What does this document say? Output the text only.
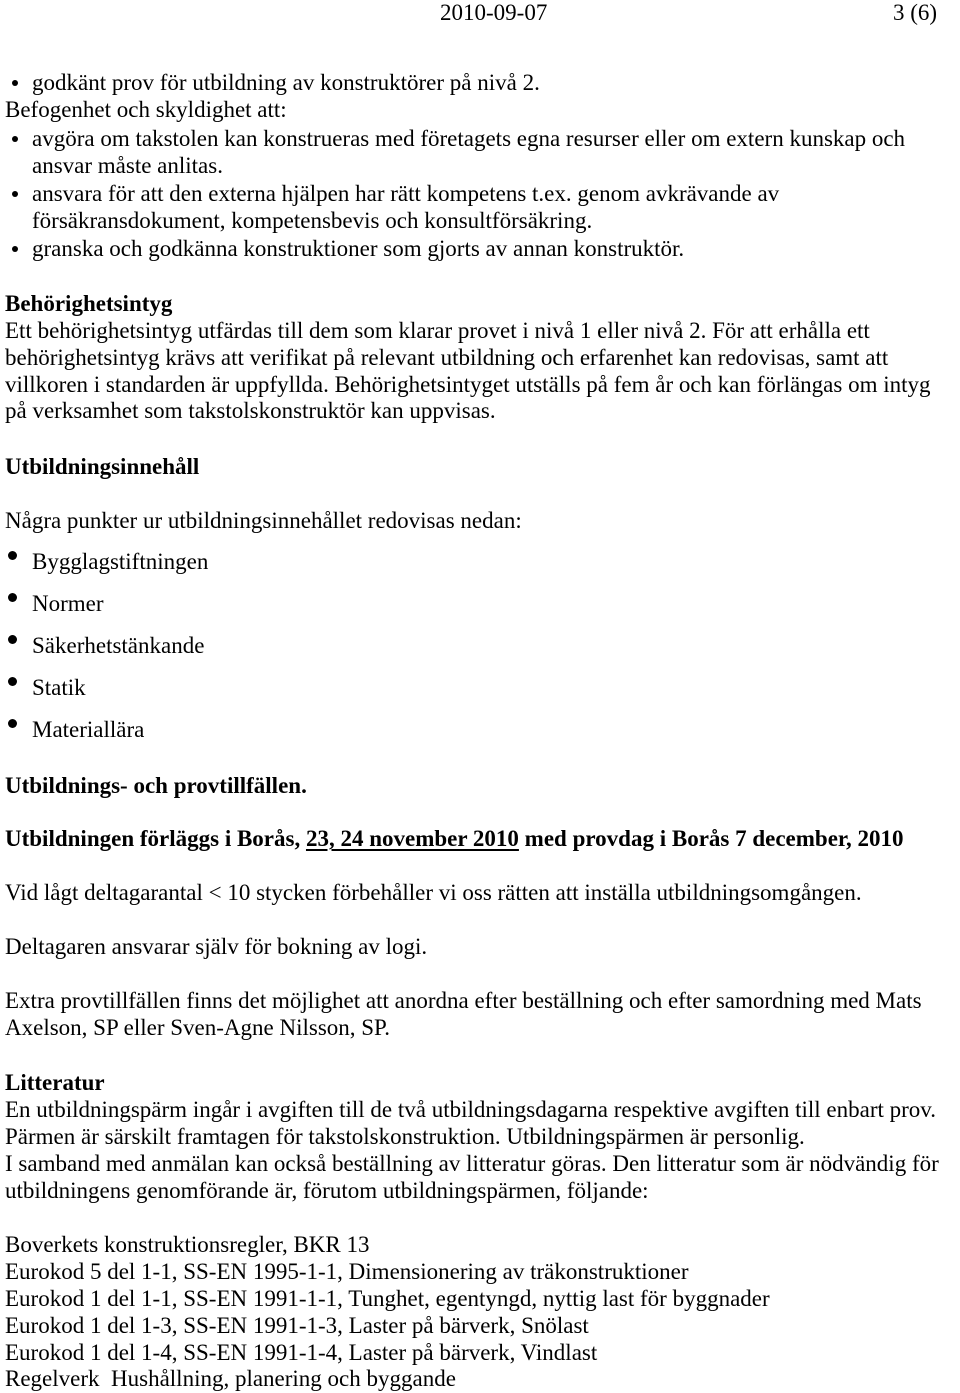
2010-09-07	3 (6)
godkänt prov för utbildning av konstruktörer på nivå 2.
Befogenhet och skyldighet att:
avgöra om takstolen kan konstrueras med företagets egna resurser eller om extern kunskap och
ansvar måste anlitas.
ansvara för att den externa hjälpen har rätt kompetens t.ex. genom avkrävande av
försäkransdokument, kompetensbevis och konsultförsäkring.
granska och godkänna konstruktioner som gjorts av annan konstruktör.
Behörighetsintyg
Ett behörighetsintyg utfärdas till dem som klarar provet i nivå 1 eller nivå 2. För att erhålla ett
behörighetsintyg krävs att verifikat på relevant utbildning och erfarenhet kan redovisas, samt att
villkoren i standarden är uppfyllda. Behörighetsintyget utställs på fem år och kan förlängas om intyg
på verksamhet som takstolskonstruktör kan uppvisas.
Utbildningsinnehåll
Några punkter ur utbildningsinnehållet redovisas nedan:
Bygglagstiftningen
Normer
Säkerhetstänkande
Statik
Materiallära
Utbildnings- och provtillfällen.
Utbildningen förläggs i Borås, 23, 24 november 2010 med provdag i Borås 7 december, 2010
Vid lågt deltagarantal < 10 stycken förbehåller vi oss rätten att inställa utbildningsomgången.
Deltagaren ansvarar själv för bokning av logi.
Extra provtillfällen finns det möjlighet att anordna efter beställning och efter samordning med Mats
Axelson, SP eller Sven-Agne Nilsson, SP.
Litteratur
En utbildningspärm ingår i avgiften till de två utbildningsdagarna respektive avgiften till enbart prov.
Pärmen är särskilt framtagen för takstolskonstruktion. Utbildningspärmen är personlig.
I samband med anmälan kan också beställning av litteratur göras. Den litteratur som är nödvändig för
utbildningens genomförande är, förutom utbildningspärmen, följande:
Boverkets konstruktionsregler, BKR 13
Eurokod 5 del 1-1, SS-EN 1995-1-1, Dimensionering av träkonstruktioner
Eurokod 1 del 1-1, SS-EN 1991-1-1, Tunghet, egentyngd, nyttig last för byggnader
Eurokod 1 del 1-3, SS-EN 1991-1-3, Laster på bärverk, Snölast
Eurokod 1 del 1-4, SS-EN 1991-1-4, Laster på bärverk, Vindlast
Regelverk  Hushållning, planering och byggande
